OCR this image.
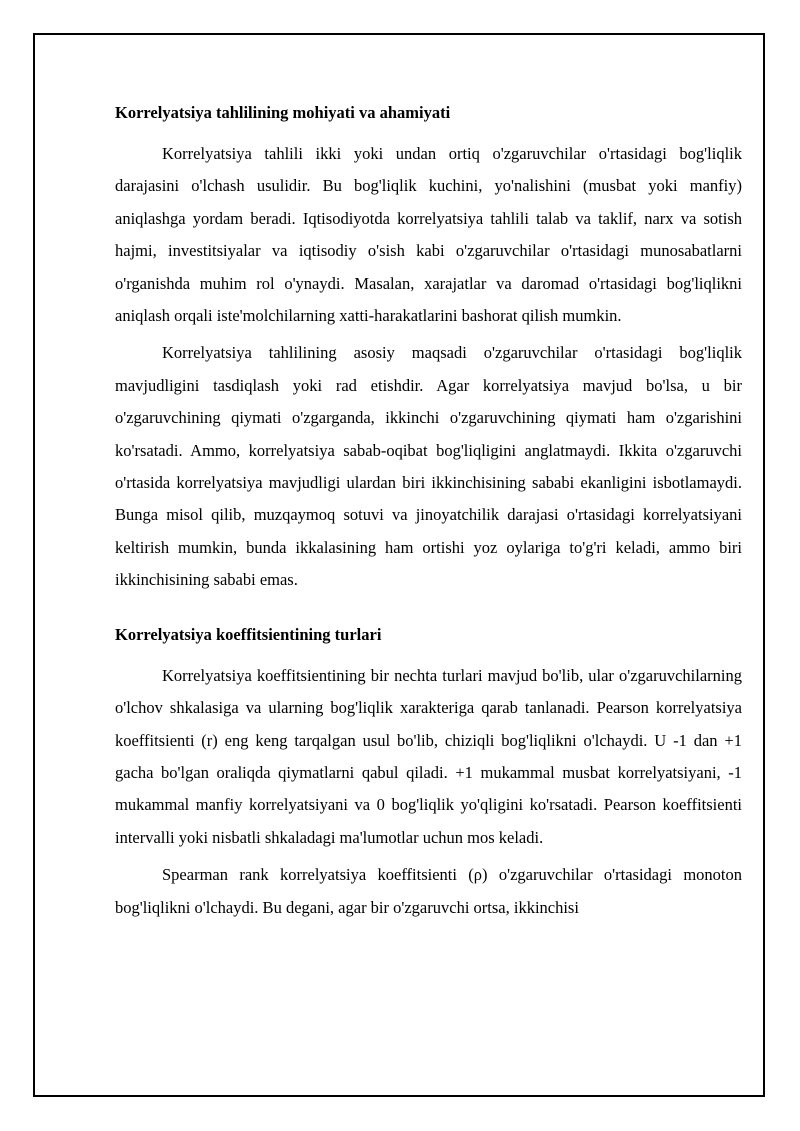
Korrelyatsiya tahlilining mohiyati va ahamiyati

Korrelyatsiya tahlili ikki yoki undan ortiq o'zgaruvchilar o'rtasidagi bog'liqlik darajasini o'lchash usulidir. Bu bog'liqlik kuchini, yo'nalishini (musbat yoki manfiy) aniqlashga yordam beradi. Iqtisodiyotda korrelyatsiya tahlili talab va taklif, narx va sotish hajmi, investitsiyalar va iqtisodiy o'sish kabi o'zgaruvchilar o'rtasidagi munosabatlarni o'rganishda muhim rol o'ynaydi. Masalan, xarajatlar va daromad o'rtasidagi bog'liqlikni aniqlash orqali iste'molchilarning xatti-harakatlarini bashorat qilish mumkin.

Korrelyatsiya tahlilining asosiy maqsadi o'zgaruvchilar o'rtasidagi bog'liqlik mavjudligini tasdiqlash yoki rad etishdir. Agar korrelyatsiya mavjud bo'lsa, u bir o'zgaruvchining qiymati o'zgarganda, ikkinchi o'zgaruvchining qiymati ham o'zgarishini ko'rsatadi. Ammo, korrelyatsiya sabab-oqibat bog'liqligini anglatmaydi. Ikkita o'zgaruvchi o'rtasida korrelyatsiya mavjudligi ulardan biri ikkinchisining sababi ekanligini isbotlamaydi. Bunga misol qilib, muzqaymoq sotuvi va jinoyatchilik darajasi o'rtasidagi korrelyatsiyani keltirish mumkin, bunda ikkalasining ham ortishi yoz oylariga to'g'ri keladi, ammo biri ikkinchisining sababi emas.

Korrelyatsiya koeffitsientining turlari

Korrelyatsiya koeffitsientining bir nechta turlari mavjud bo'lib, ular o'zgaruvchilarning o'lchov shkalasiga va ularning bog'liqlik xarakteriga qarab tanlanadi. Pearson korrelyatsiya koeffitsienti (r) eng keng tarqalgan usul bo'lib, chiziqli bog'liqlikni o'lchaydi. U -1 dan +1 gacha bo'lgan oraliqda qiymatlarni qabul qiladi. +1 mukammal musbat korrelyatsiyani, -1 mukammal manfiy korrelyatsiyani va 0 bog'liqlik yo'qligini ko'rsatadi. Pearson koeffitsienti intervalli yoki nisbatli shkaladagi ma'lumotlar uchun mos keladi.

Spearman rank korrelyatsiya koeffitsienti (ρ) o'zgaruvchilar o'rtasidagi monoton bog'liqlikni o'lchaydi. Bu degani, agar bir o'zgaruvchi ortsa, ikkinchisi
